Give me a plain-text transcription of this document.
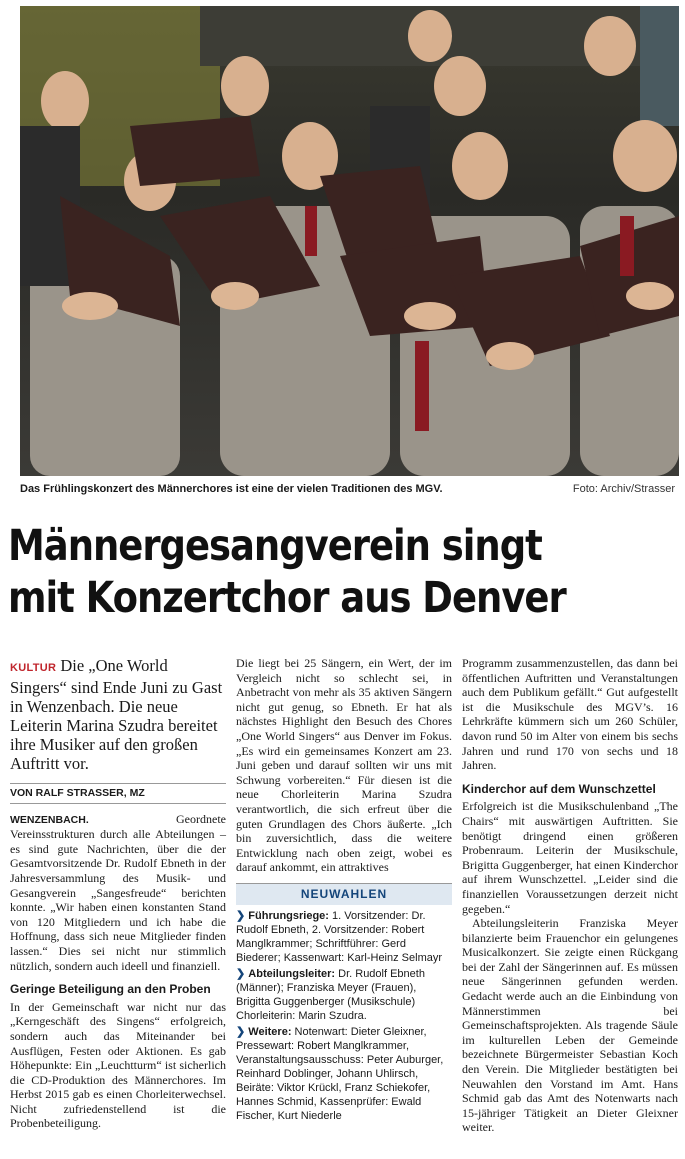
Das Frühlingskonzert des Männerchores ist eine der vielen Traditionen des MGV.	Foto: Archiv/Strasser
Männergesangverein singt
mit Konzertchor aus Denver

KULTUR Die „One World Singers“ sind Ende Juni zu Gast in Wenzenbach. Die neue Leiterin Marina Szudra bereitet ihre Musiker auf den großen Auftritt vor.

VON RALF STRASSER, MZ

WENZENBACH. Geordnete Vereinsstrukturen durch alle Abteilungen – es sind gute Nachrichten, über die der Gesamtvorsitzende Dr. Rudolf Ebneth in der Jahresversammlung des Musik- und Gesangverein „Sangesfreude“ berichten konnte. „Wir haben einen konstanten Stand von 120 Mitgliedern und ich habe die Hoffnung, dass sich neue Mitglieder finden lassen.“ Dies sei nicht nur stimmlich nützlich, sondern auch ideell und finanziell.

Geringe Beteiligung an den Proben

In der Gemeinschaft war nicht nur das „Kerngeschäft des Singens“ erfolgreich, sondern auch das Miteinander bei Ausflügen, Festen oder Aktionen. Es gab Höhepunkte: Ein „Leuchtturm“ ist sicherlich die CD-Produktion des Männerchores. Im Herbst 2015 gab es einen Chorleiterwechsel. Nicht zufriedenstellend ist die Probenbeteiligung.

Die liegt bei 25 Sängern, ein Wert, der im Vergleich nicht so schlecht sei, in Anbetracht von mehr als 35 aktiven Sängern nicht gut genug, so Ebneth. Er hat als nächstes Highlight den Besuch des Chores „One World Singers“ aus Denver im Fokus. „Es wird ein gemeinsames Konzert am 23. Juni geben und darauf sollten wir uns mit Schwung vorbereiten.“ Für diesen ist die neue Chorleiterin Marina Szudra verantwortlich, die sich erfreut über die guten Grundlagen des Chors äußerte. „Ich bin zuversichtlich, dass die weitere Entwicklung nach oben zeigt, wobei es darauf ankommt, ein attraktives

NEUWAHLEN
❯ Führungsriege: 1. Vorsitzender: Dr. Rudolf Ebneth, 2. Vorsitzender: Robert Manglkrammer; Schriftführer: Gerd Biederer; Kassenwart: Karl-Heinz Selmayr
❯ Abteilungsleiter: Dr. Rudolf Ebneth (Männer); Franziska Meyer (Frauen), Brigitta Guggenberger (Musikschule) Chorleiterin: Marin Szudra.
❯ Weitere: Notenwart: Dieter Gleixner, Pressewart: Robert Manglkrammer, Veranstaltungsausschuss: Peter Auburger, Reinhard Doblinger, Johann Uhlirsch, Beiräte: Viktor Krückl, Franz Schiekofer, Hannes Schmid, Kassenprüfer: Ewald Fischer, Kurt Niederle

Programm zusammenzustellen, das dann bei öffentlichen Auftritten und Veranstaltungen auch dem Publikum gefällt.“ Gut aufgestellt ist die Musikschule des MGV’s. 16 Lehrkräfte kümmern sich um 260 Schüler, davon rund 50 im Alter von einem bis sechs Jahren und rund 170 von sechs und 18 Jahren.

Kinderchor auf dem Wunschzettel

Erfolgreich ist die Musikschulenband „The Chairs“ mit auswärtigen Auftritten. Sie benötigt dringend einen größeren Probenraum. Leiterin der Musikschule, Brigitta Guggenberger, hat einen Kinderchor auf ihrem Wunschzettel. „Leider sind die finanziellen Voraussetzungen derzeit nicht gegeben.“

Abteilungsleiterin Franziska Meyer bilanzierte beim Frauenchor ein gelungenes Musicalkonzert. Sie zeigte einen Rückgang bei der Zahl der Sängerinnen auf. Es müssen neue Sängerinnen gefunden werden. Gedacht werde auch an die Einbindung von Männerstimmen bei Gemeinschaftsprojekten. Als tragende Säule im kulturellen Leben der Gemeinde bezeichnete Bürgermeister Sebastian Koch den Verein. Die Mitglieder bestätigten bei Neuwahlen den Vorstand im Amt. Hans Schmid gab das Amt des Notenwarts nach 15-jähriger Tätigkeit an Dieter Gleixner weiter.
